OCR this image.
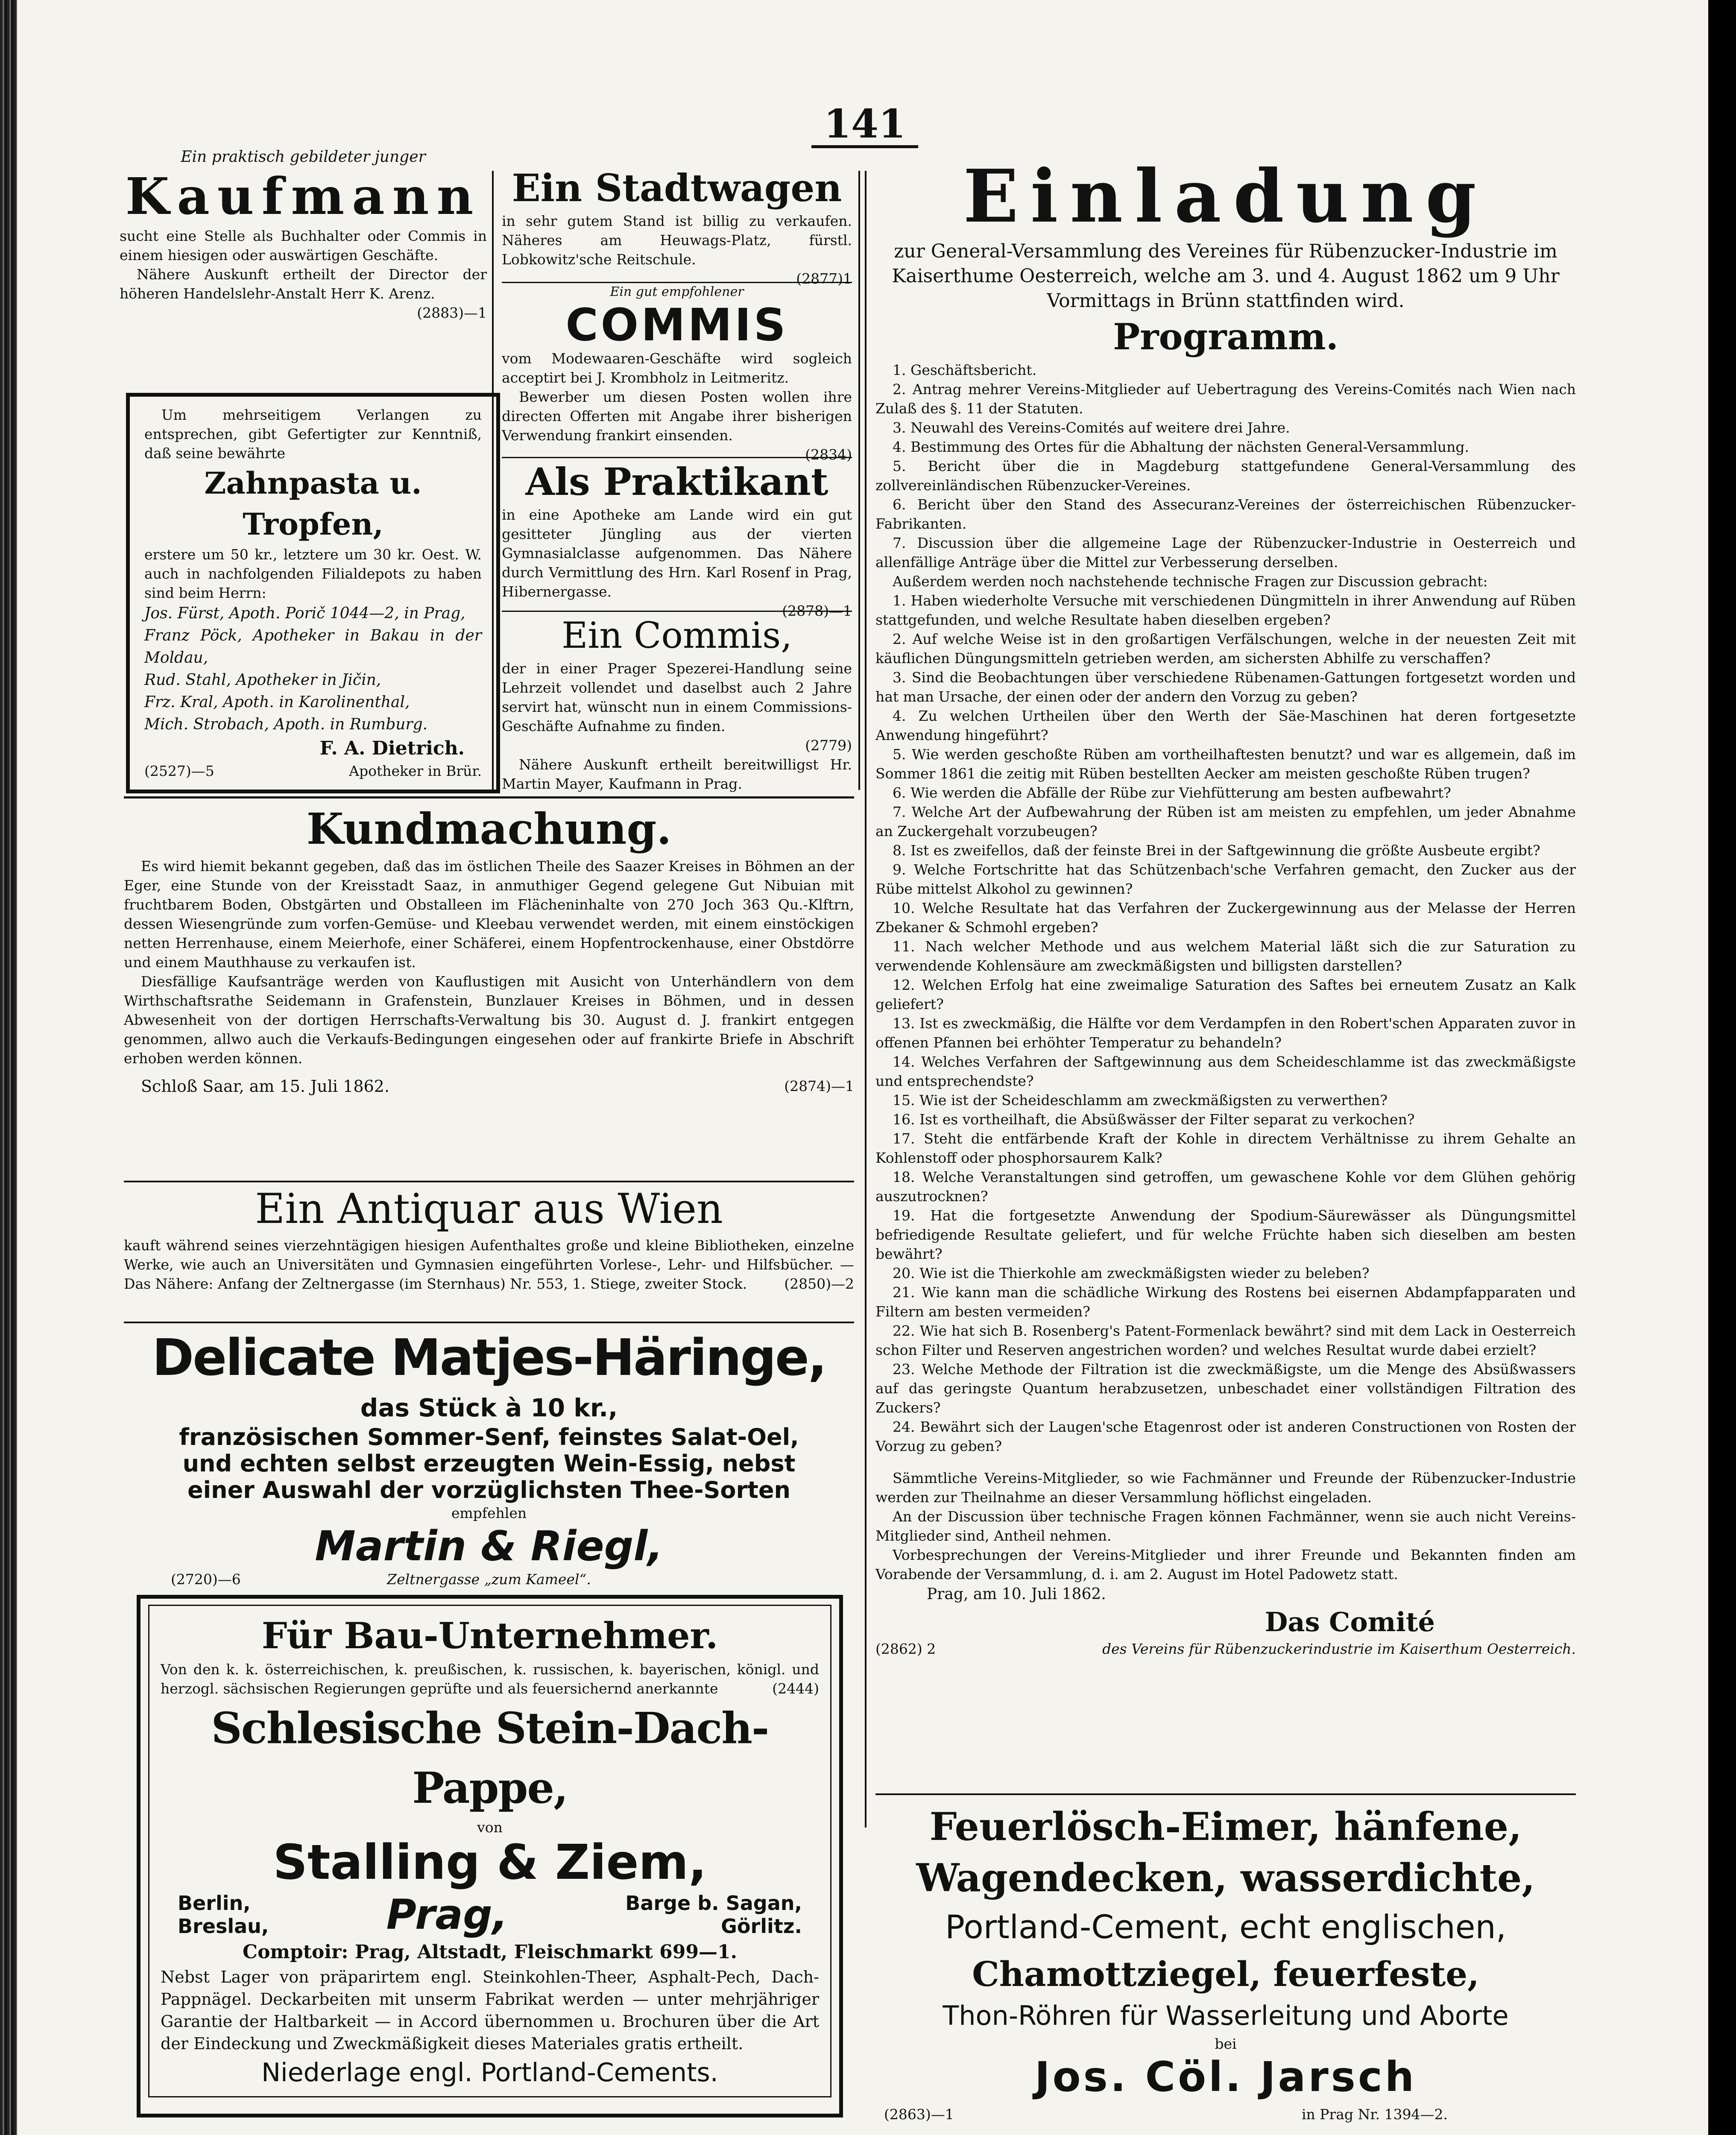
141

Ein praktisch gebildeter junger

Kaufmann

sucht eine Stelle als Buchhalter oder Commis in einem hiesigen oder auswärtigen Geschäfte.

Nähere Auskunft ertheilt der Director der höheren Handelslehr-Anstalt Herr K. Arenz.

(2883)—1

Um mehrseitigem Verlangen zu entsprechen, gibt Gefertigter zur Kenntniß, daß seine bewährte

Zahnpasta u. Tropfen,

erstere um 50 kr., letztere um 30 kr. Oest. W. auch in nachfolgenden Filialdepots zu haben sind beim Herrn:

Jos. Fürst, Apoth. Porič 1044—2, in Prag,

Franz Pöck, Apotheker in Bakau in der Moldau,

Rud. Stahl, Apotheker in Jičin,

Frz. Kral, Apoth. in Karolinenthal,

Mich. Strobach, Apoth. in Rumburg.

F. A. Dietrich.

(2527)—5	Apotheker in Brür.

Ein Stadtwagen

in sehr gutem Stand ist billig zu verkaufen. Näheres am Heuwags-Platz, fürstl. Lobkowitz'sche Reitschule.

(2877)1

Ein gut empfohlener

COMMIS

vom Modewaaren-Geschäfte wird sogleich acceptirt bei J. Krombholz in Leitmeritz.

Bewerber um diesen Posten wollen ihre directen Offerten mit Angabe ihrer bisherigen Verwendung frankirt einsenden.

(2834)

Als Praktikant

in eine Apotheke am Lande wird ein gut gesitteter Jüngling aus der vierten Gymnasialclasse aufgenommen. Das Nähere durch Vermittlung des Hrn. Karl Rosenf in Prag, Hibernergasse.

(2878)—1

Ein Commis,

der in einer Prager Spezerei-Handlung seine Lehrzeit vollendet und daselbst auch 2 Jahre servirt hat, wünscht nun in einem Commissions-Geschäfte Aufnahme zu finden.

(2779)

Nähere Auskunft ertheilt bereitwilligst Hr. Martin Mayer, Kaufmann in Prag.

Kundmachung.

Es wird hiemit bekannt gegeben, daß das im östlichen Theile des Saazer Kreises in Böhmen an der Eger, eine Stunde von der Kreisstadt Saaz, in anmuthiger Gegend gelegene Gut Nibuian mit fruchtbarem Boden, Obstgärten und Obstalleen im Flächeninhalte von 270 Joch 363 Qu.-Klftrn, dessen Wiesengründe zum vorfen-Gemüse- und Kleebau verwendet werden, mit einem einstöckigen netten Herrenhause, einem Meierhofe, einer Schäferei, einem Hopfentrockenhause, einer Obstdörre und einem Mauthhause zu verkaufen ist.

Diesfällige Kaufsanträge werden von Kauflustigen mit Ausicht von Unterhändlern von dem Wirthschaftsrathe Seidemann in Grafenstein, Bunzlauer Kreises in Böhmen, und in dessen Abwesenheit von der dortigen Herrschafts-Verwaltung bis 30. August d. J. frankirt entgegen genommen, allwo auch die Verkaufs-Bedingungen eingesehen oder auf frankirte Briefe in Abschrift erhoben werden können.

Schloß Saar, am 15. Juli 1862.	(2874)—1

Ein Antiquar aus Wien

kauft während seines vierzehntägigen hiesigen Aufenthaltes große und kleine Bibliotheken, einzelne Werke, wie auch an Universitäten und Gymnasien eingeführten Vorlese-, Lehr- und Hilfsbücher. — Das Nähere: Anfang der Zeltnergasse (im Sternhaus) Nr. 553, 1. Stiege, zweiter Stock.	(2850)—2

Delicate Matjes-Häringe,

das Stück à 10 kr.,

französischen Sommer-Senf, feinstes Salat-Oel,

und echten selbst erzeugten Wein-Essig, nebst

einer Auswahl der vorzüglichsten Thee-Sorten

empfehlen

Martin & Riegl,

Zeltnergasse „zum Kameel“.

(2720)—6

Für Bau-Unternehmer.

Von den k. k. österreichischen, k. preußischen, k. russischen, k. bayerischen, königl. und herzogl. sächsischen Regierungen geprüfte und als feuersichernd anerkannte	(2444)

Schlesische Stein-Dach-Pappe,

von

Stalling & Ziem,

Berlin,
Breslau,	Prag,	Barge b. Sagan,
Görlitz.

Comptoir: Prag, Altstadt, Fleischmarkt 699—1.

Nebst Lager von präparirtem engl. Steinkohlen-Theer, Asphalt-Pech, Dach-Pappnägel. Deckarbeiten mit unserm Fabrikat werden — unter mehrjähriger Garantie der Haltbarkeit — in Accord übernommen u. Brochuren über die Art der Eindeckung und Zweckmäßigkeit dieses Materiales gratis ertheilt.

Niederlage engl. Portland-Cements.

Einladung

zur General-Versammlung des Vereines für Rübenzucker-Industrie im Kaiserthume Oesterreich, welche am 3. und 4. August 1862 um 9 Uhr Vormittags in Brünn stattfinden wird.

Programm.

1. Geschäftsbericht.

2. Antrag mehrer Vereins-Mitglieder auf Uebertragung des Vereins-Comités nach Wien nach Zulaß des §. 11 der Statuten.

3. Neuwahl des Vereins-Comités auf weitere drei Jahre.

4. Bestimmung des Ortes für die Abhaltung der nächsten General-Versammlung.

5. Bericht über die in Magdeburg stattgefundene General-Versammlung des zollvereinländischen Rübenzucker-Vereines.

6. Bericht über den Stand des Assecuranz-Vereines der österreichischen Rübenzucker-Fabrikanten.

7. Discussion über die allgemeine Lage der Rübenzucker-Industrie in Oesterreich und allenfällige Anträge über die Mittel zur Verbesserung derselben.

Außerdem werden noch nachstehende technische Fragen zur Discussion gebracht:

1. Haben wiederholte Versuche mit verschiedenen Düngmitteln in ihrer Anwendung auf Rüben stattgefunden, und welche Resultate haben dieselben ergeben?

2. Auf welche Weise ist in den großartigen Verfälschungen, welche in der neuesten Zeit mit käuflichen Düngungsmitteln getrieben werden, am sichersten Abhilfe zu verschaffen?

3. Sind die Beobachtungen über verschiedene Rübenamen-Gattungen fortgesetzt worden und hat man Ursache, der einen oder der andern den Vorzug zu geben?

4. Zu welchen Urtheilen über den Werth der Säe-Maschinen hat deren fortgesetzte Anwendung hingeführt?

5. Wie werden geschoßte Rüben am vortheilhaftesten benutzt? und war es allgemein, daß im Sommer 1861 die zeitig mit Rüben bestellten Aecker am meisten geschoßte Rüben trugen?

6. Wie werden die Abfälle der Rübe zur Viehfütterung am besten aufbewahrt?

7. Welche Art der Aufbewahrung der Rüben ist am meisten zu empfehlen, um jeder Abnahme an Zuckergehalt vorzubeugen?

8. Ist es zweifellos, daß der feinste Brei in der Saftgewinnung die größte Ausbeute ergibt?

9. Welche Fortschritte hat das Schützenbach'sche Verfahren gemacht, den Zucker aus der Rübe mittelst Alkohol zu gewinnen?

10. Welche Resultate hat das Verfahren der Zuckergewinnung aus der Melasse der Herren Zbekaner & Schmohl ergeben?

11. Nach welcher Methode und aus welchem Material läßt sich die zur Saturation zu verwendende Kohlensäure am zweckmäßigsten und billigsten darstellen?

12. Welchen Erfolg hat eine zweimalige Saturation des Saftes bei erneutem Zusatz an Kalk geliefert?

13. Ist es zweckmäßig, die Hälfte vor dem Verdampfen in den Robert'schen Apparaten zuvor in offenen Pfannen bei erhöhter Temperatur zu behandeln?

14. Welches Verfahren der Saftgewinnung aus dem Scheideschlamme ist das zweckmäßigste und entsprechendste?

15. Wie ist der Scheideschlamm am zweckmäßigsten zu verwerthen?

16. Ist es vortheilhaft, die Absüßwässer der Filter separat zu verkochen?

17. Steht die entfärbende Kraft der Kohle in directem Verhältnisse zu ihrem Gehalte an Kohlenstoff oder phosphorsaurem Kalk?

18. Welche Veranstaltungen sind getroffen, um gewaschene Kohle vor dem Glühen gehörig auszutrocknen?

19. Hat die fortgesetzte Anwendung der Spodium-Säurewässer als Düngungsmittel befriedigende Resultate geliefert, und für welche Früchte haben sich dieselben am besten bewährt?

20. Wie ist die Thierkohle am zweckmäßigsten wieder zu beleben?

21. Wie kann man die schädliche Wirkung des Rostens bei eisernen Abdampfapparaten und Filtern am besten vermeiden?

22. Wie hat sich B. Rosenberg's Patent-Formenlack bewährt? sind mit dem Lack in Oesterreich schon Filter und Reserven angestrichen worden? und welches Resultat wurde dabei erzielt?

23. Welche Methode der Filtration ist die zweckmäßigste, um die Menge des Absüßwassers auf das geringste Quantum herabzusetzen, unbeschadet einer vollständigen Filtration des Zuckers?

24. Bewährt sich der Laugen'sche Etagenrost oder ist anderen Constructionen von Rosten der Vorzug zu geben?

Sämmtliche Vereins-Mitglieder, so wie Fachmänner und Freunde der Rübenzucker-Industrie werden zur Theilnahme an dieser Versammlung höflichst eingeladen.

An der Discussion über technische Fragen können Fachmänner, wenn sie auch nicht Vereins-Mitglieder sind, Antheil nehmen.

Vorbesprechungen der Vereins-Mitglieder und ihrer Freunde und Bekannten finden am Vorabende der Versammlung, d. i. am 2. August im Hotel Padowetz statt.

Prag, am 10. Juli 1862.

Das Comité

(2862) 2	des Vereins für Rübenzuckerindustrie im Kaiserthum Oesterreich.

Feuerlösch-Eimer, hänfene,

Wagendecken, wasserdichte,

Portland-Cement, echt englischen,

Chamottziegel, feuerfeste,

Thon-Röhren für Wasserleitung und Aborte

bei

Jos. Cöl. Jarsch

(2863)—1	in Prag Nr. 1394—2.
